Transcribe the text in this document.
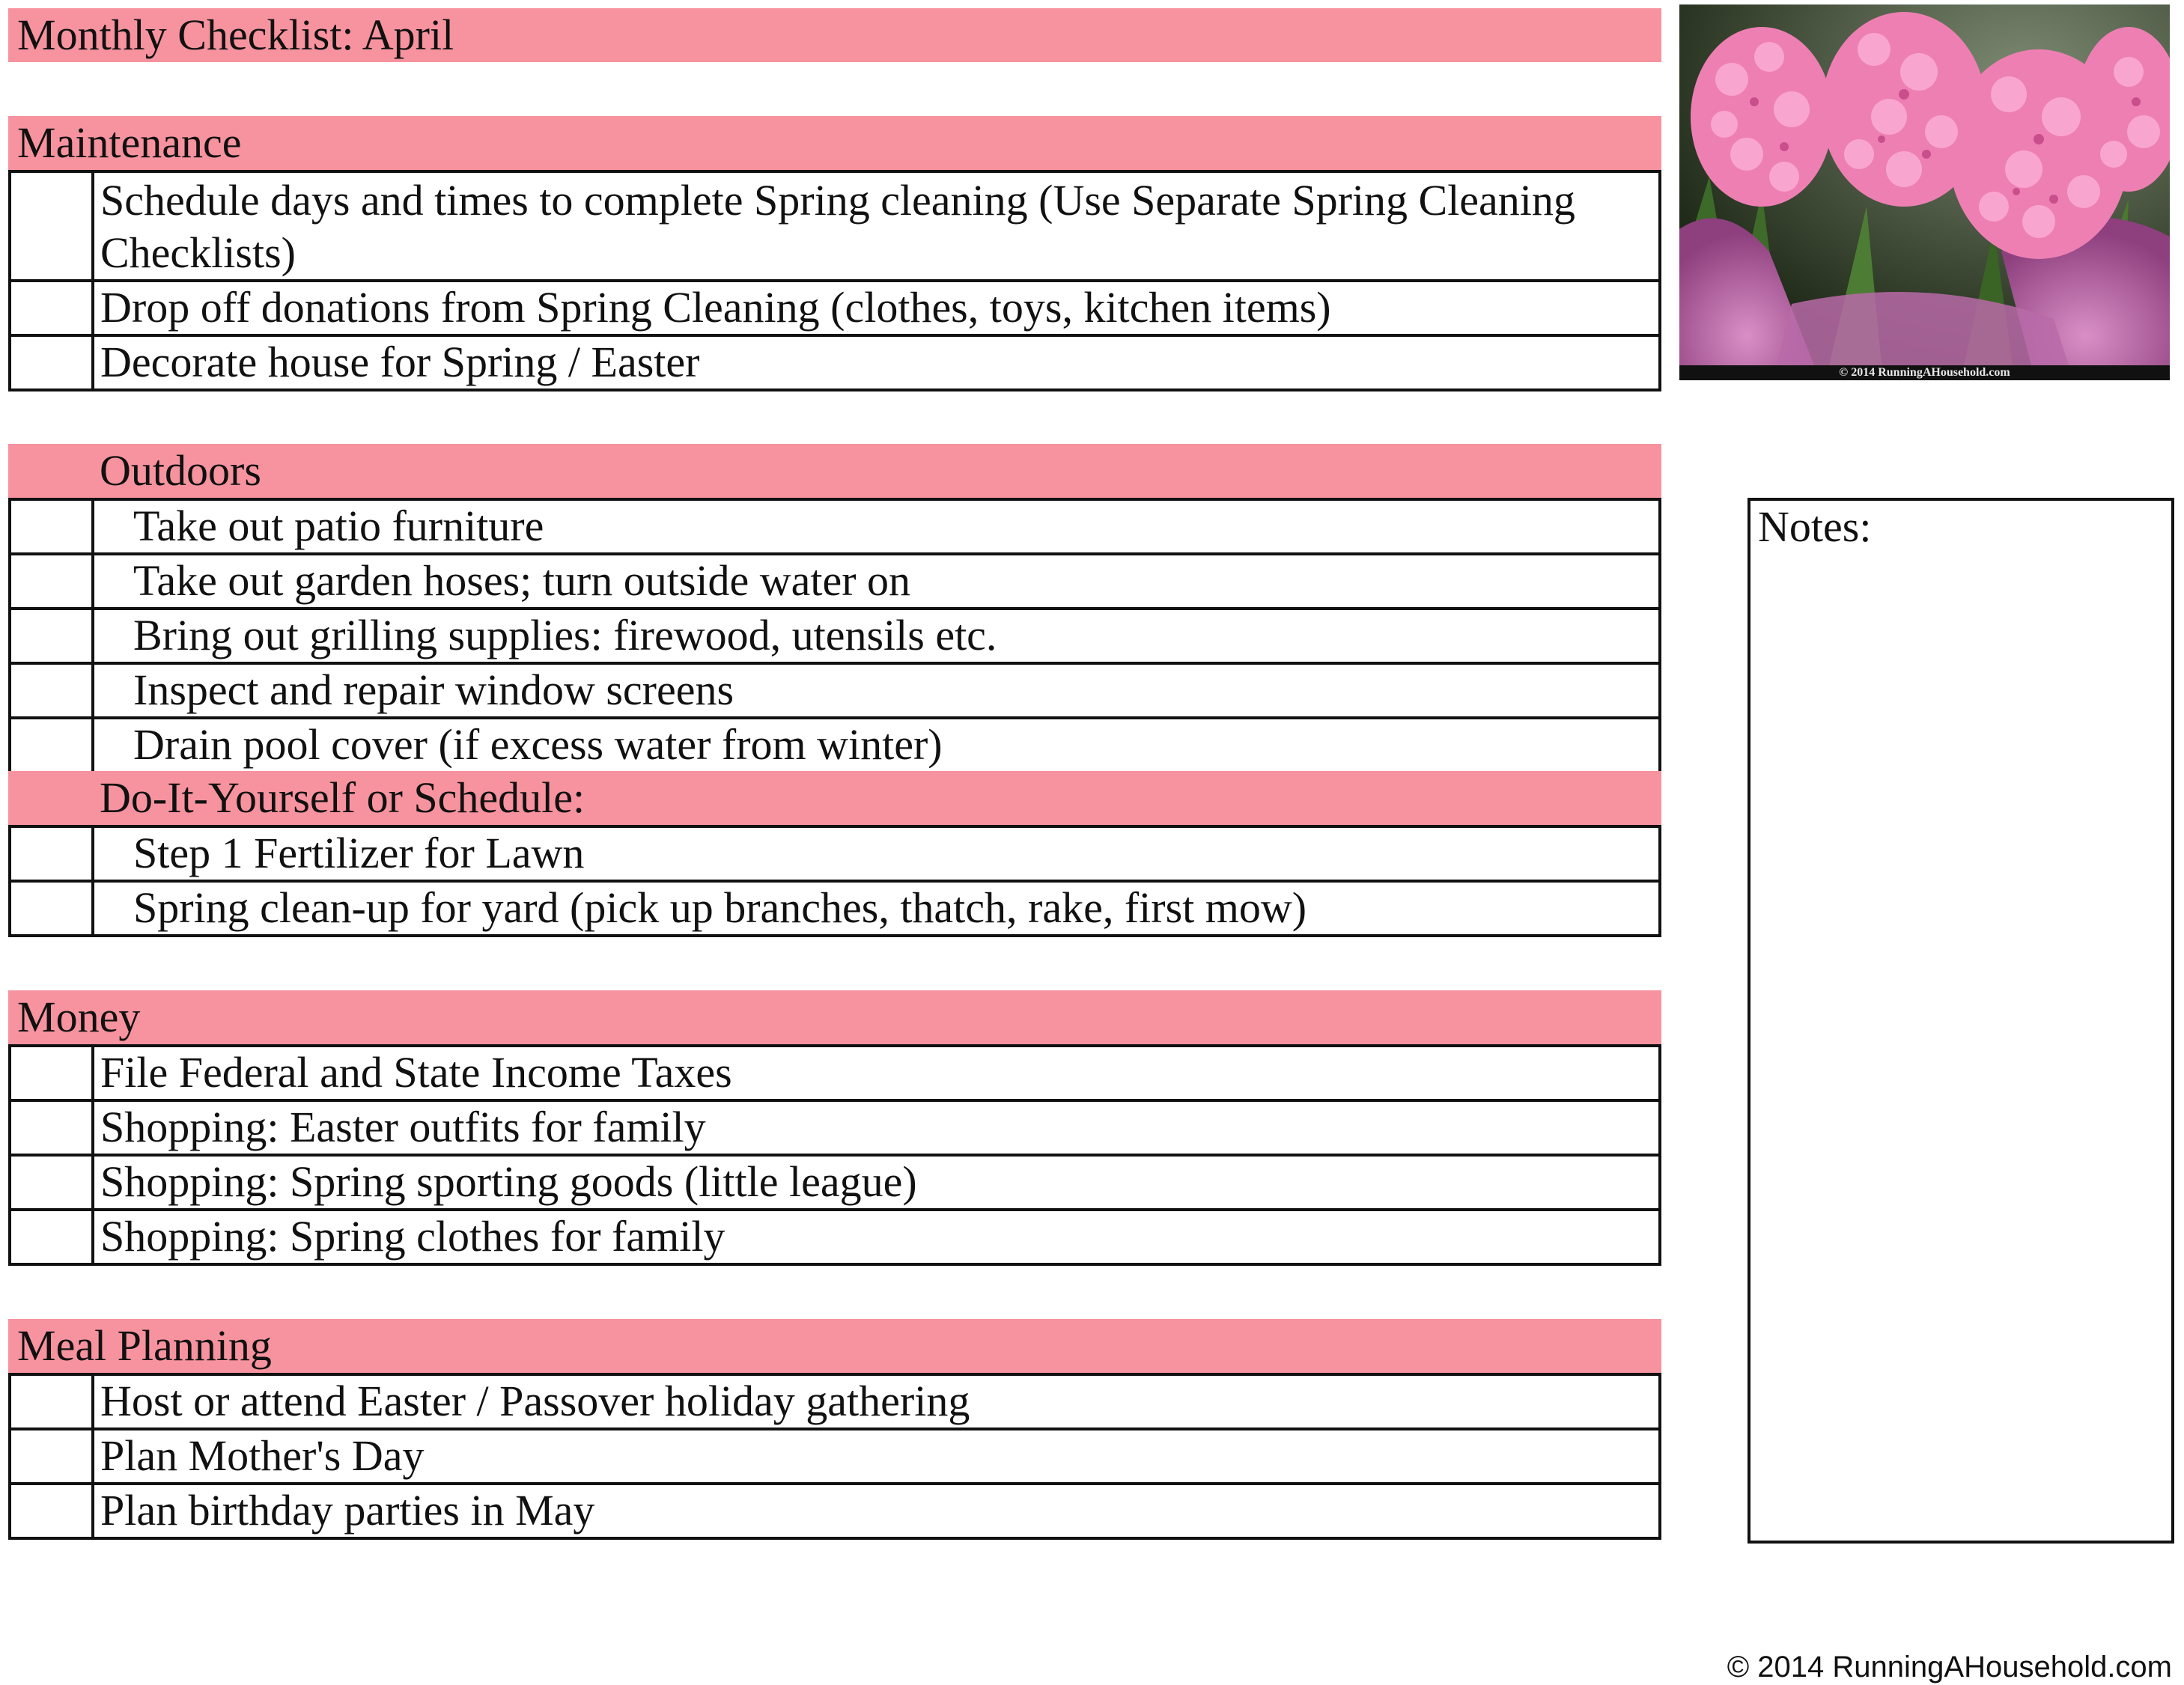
Monthly Checklist: April
Maintenance
Schedule days and times to complete Spring cleaning (Use Separate Spring Cleaning Checklists)
Drop off donations from Spring Cleaning (clothes, toys, kitchen items)
Decorate house for Spring / Easter
Outdoors
Take out patio furniture
Take out garden hoses; turn outside water on
Bring out grilling supplies: firewood, utensils etc.
Inspect and repair window screens
Drain pool cover (if excess water from winter)
Do-It-Yourself or Schedule:
Step 1 Fertilizer for Lawn
Spring clean-up for yard (pick up branches, thatch, rake, first mow)
Money
File Federal and State Income Taxes
Shopping: Easter outfits for family
Shopping: Spring sporting goods (little league)
Shopping: Spring clothes for family
Meal Planning
Host or attend Easter / Passover holiday gathering
Plan Mother's Day
Plan birthday parties in May
© 2014 RunningAHousehold.com
Notes:
© 2014 RunningAHousehold.com
